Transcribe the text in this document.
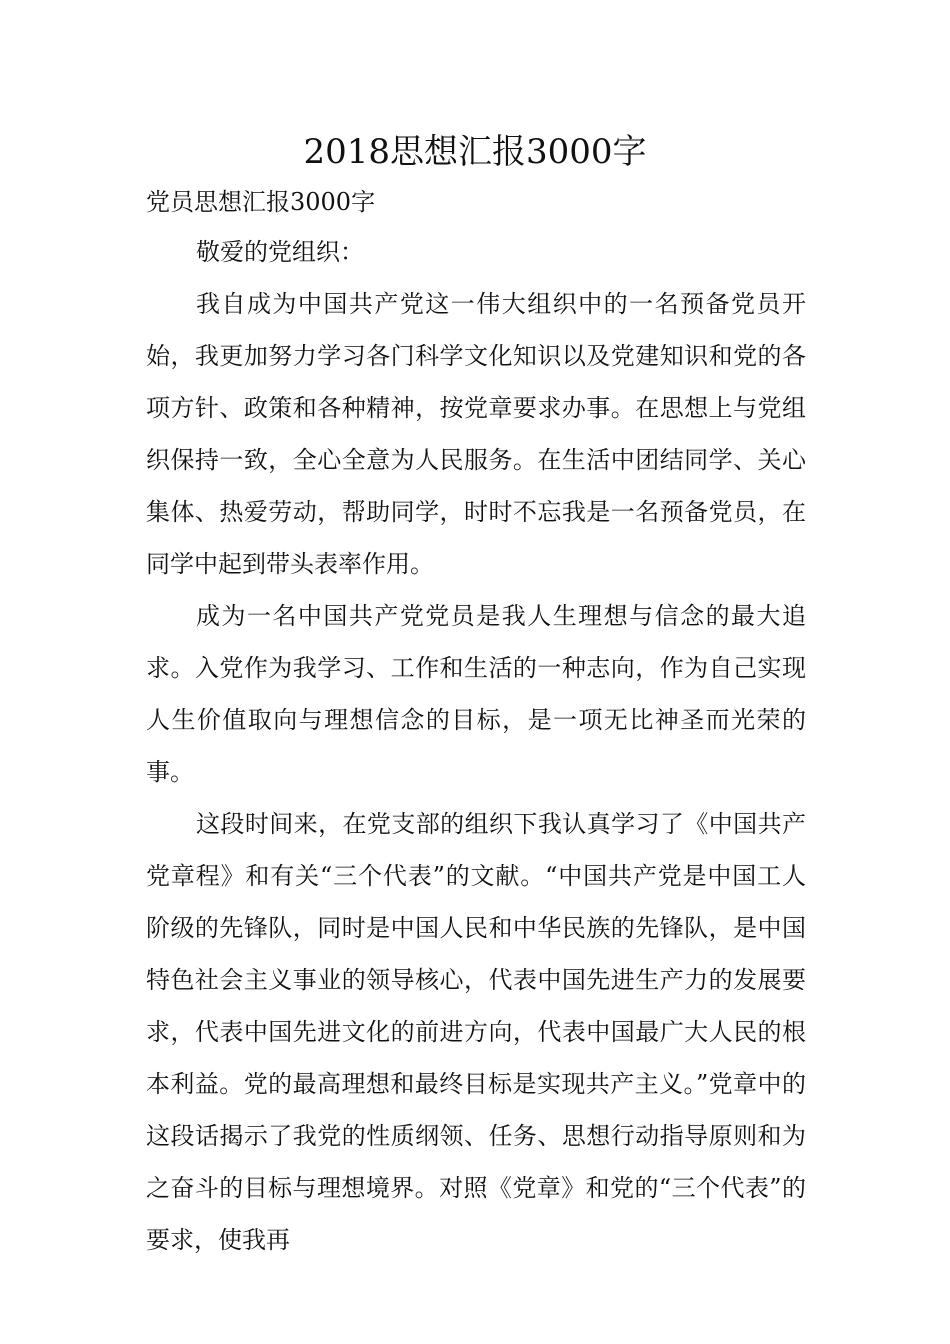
2018思想汇报3000字

党员思想汇报3000字

敬爱的党组织：

我自成为中国共产党这一伟大组织中的一名预备党员开始，我更加努力学习各门科学文化知识以及党建知识和党的各项方针、政策和各种精神，按党章要求办事。在思想上与党组织保持一致，全心全意为人民服务。在生活中团结同学、关心集体、热爱劳动，帮助同学，时时不忘我是一名预备党员，在同学中起到带头表率作用。

成为一名中国共产党党员是我人生理想与信念的最大追求。入党作为我学习、工作和生活的一种志向，作为自己实现人生价值取向与理想信念的目标，是一项无比神圣而光荣的事。

这段时间来，在党支部的组织下我认真学习了《中国共产党章程》和有关“三个代表”的文献。“中国共产党是中国工人阶级的先锋队，同时是中国人民和中华民族的先锋队，是中国特色社会主义事业的领导核心，代表中国先进生产力的发展要求，代表中国先进文化的前进方向，代表中国最广大人民的根本利益。党的最高理想和最终目标是实现共产主义。”党章中的这段话揭示了我党的性质纲领、任务、思想行动指导原则和为之奋斗的目标与理想境界。对照《党章》和党的“三个代表”的要求，使我再
